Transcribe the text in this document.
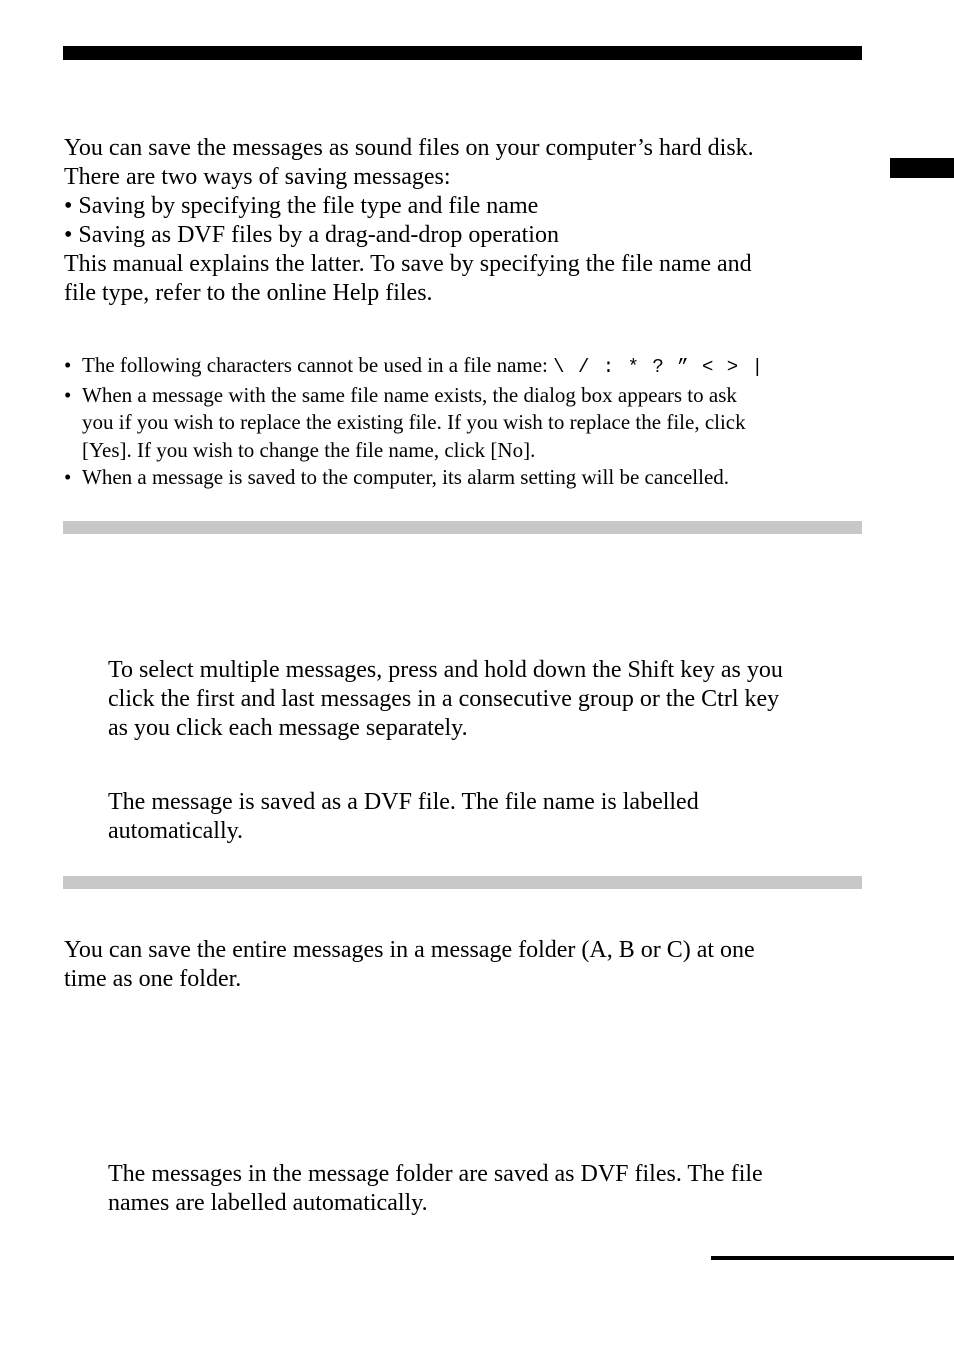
You can save the messages as sound files on your computer’s hard disk.
There are two ways of saving messages:
• Saving by specifying the file type and file name
• Saving as DVF files by a drag-and-drop operation
This manual explains the latter. To save by specifying the file name and
file type, refer to the online Help files.
• The following characters cannot be used in a file name: \ / : * ? ” < > |
• When a message with the same file name exists, the dialog box appears to ask
you if you wish to replace the existing file. If you wish to replace the file, click
[Yes]. If you wish to change the file name, click [No].
• When a message is saved to the computer, its alarm setting will be cancelled.
To select multiple messages, press and hold down the Shift key as you
click the first and last messages in a consecutive group or the Ctrl key
as you click each message separately.
The message is saved as a DVF file. The file name is labelled
automatically.
You can save the entire messages in a message folder (A, B or C) at one
time as one folder.
The messages in the message folder are saved as DVF files. The file
names are labelled automatically.
